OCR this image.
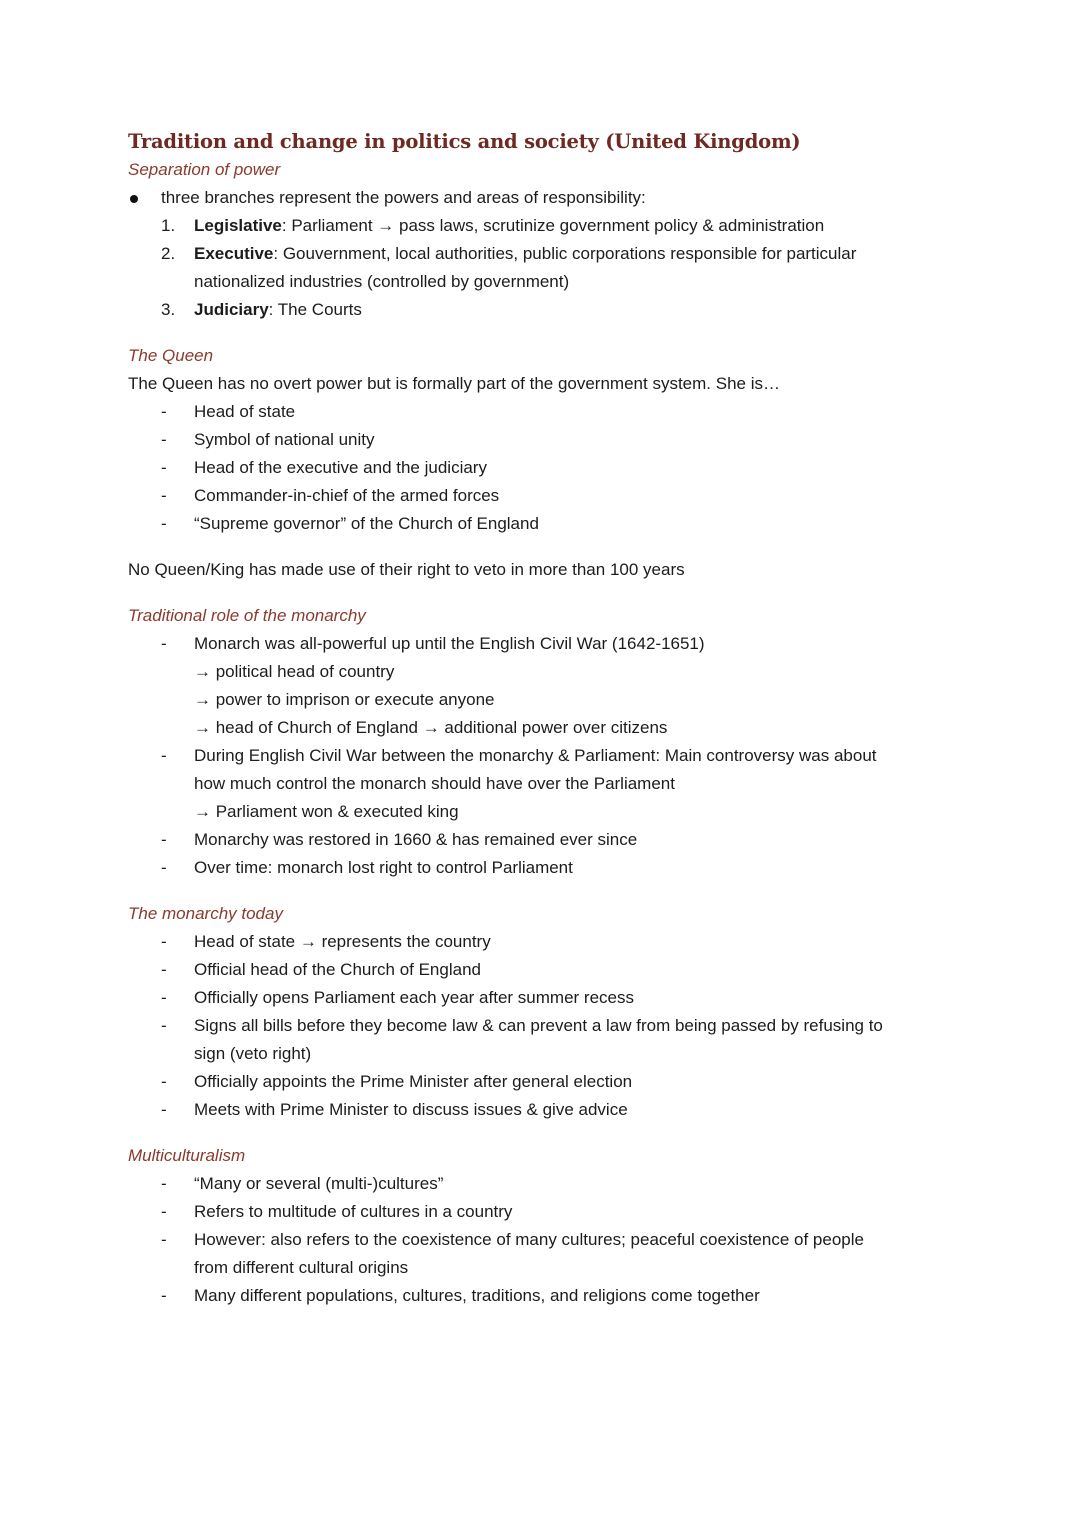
Tradition and change in politics and society (United Kingdom)
Separation of power
three branches represent the powers and areas of responsibility:
1. Legislative: Parliament → pass laws, scrutinize government policy & administration
2. Executive: Gouvernment, local authorities, public corporations responsible for particular
nationalized industries (controlled by government)
3. Judiciary: The Courts
The Queen
The Queen has no overt power but is formally part of the government system. She is…
- Head of state
- Symbol of national unity
- Head of the executive and the judiciary
- Commander-in-chief of the armed forces
- “Supreme governor” of the Church of England
No Queen/King has made use of their right to veto in more than 100 years
Traditional role of the monarchy
- Monarch was all-powerful up until the English Civil War (1642-1651)
→ political head of country
→ power to imprison or execute anyone
→ head of Church of England → additional power over citizens
- During English Civil War between the monarchy & Parliament: Main controversy was about
how much control the monarch should have over the Parliament
→ Parliament won & executed king
- Monarchy was restored in 1660 & has remained ever since
- Over time: monarch lost right to control Parliament
The monarchy today
- Head of state → represents the country
- Official head of the Church of England
- Officially opens Parliament each year after summer recess
- Signs all bills before they become law & can prevent a law from being passed by refusing to
sign (veto right)
- Officially appoints the Prime Minister after general election
- Meets with Prime Minister to discuss issues & give advice
Multiculturalism
- “Many or several (multi-)cultures”
- Refers to multitude of cultures in a country
- However: also refers to the coexistence of many cultures; peaceful coexistence of people
from different cultural origins
- Many different populations, cultures, traditions, and religions come together
